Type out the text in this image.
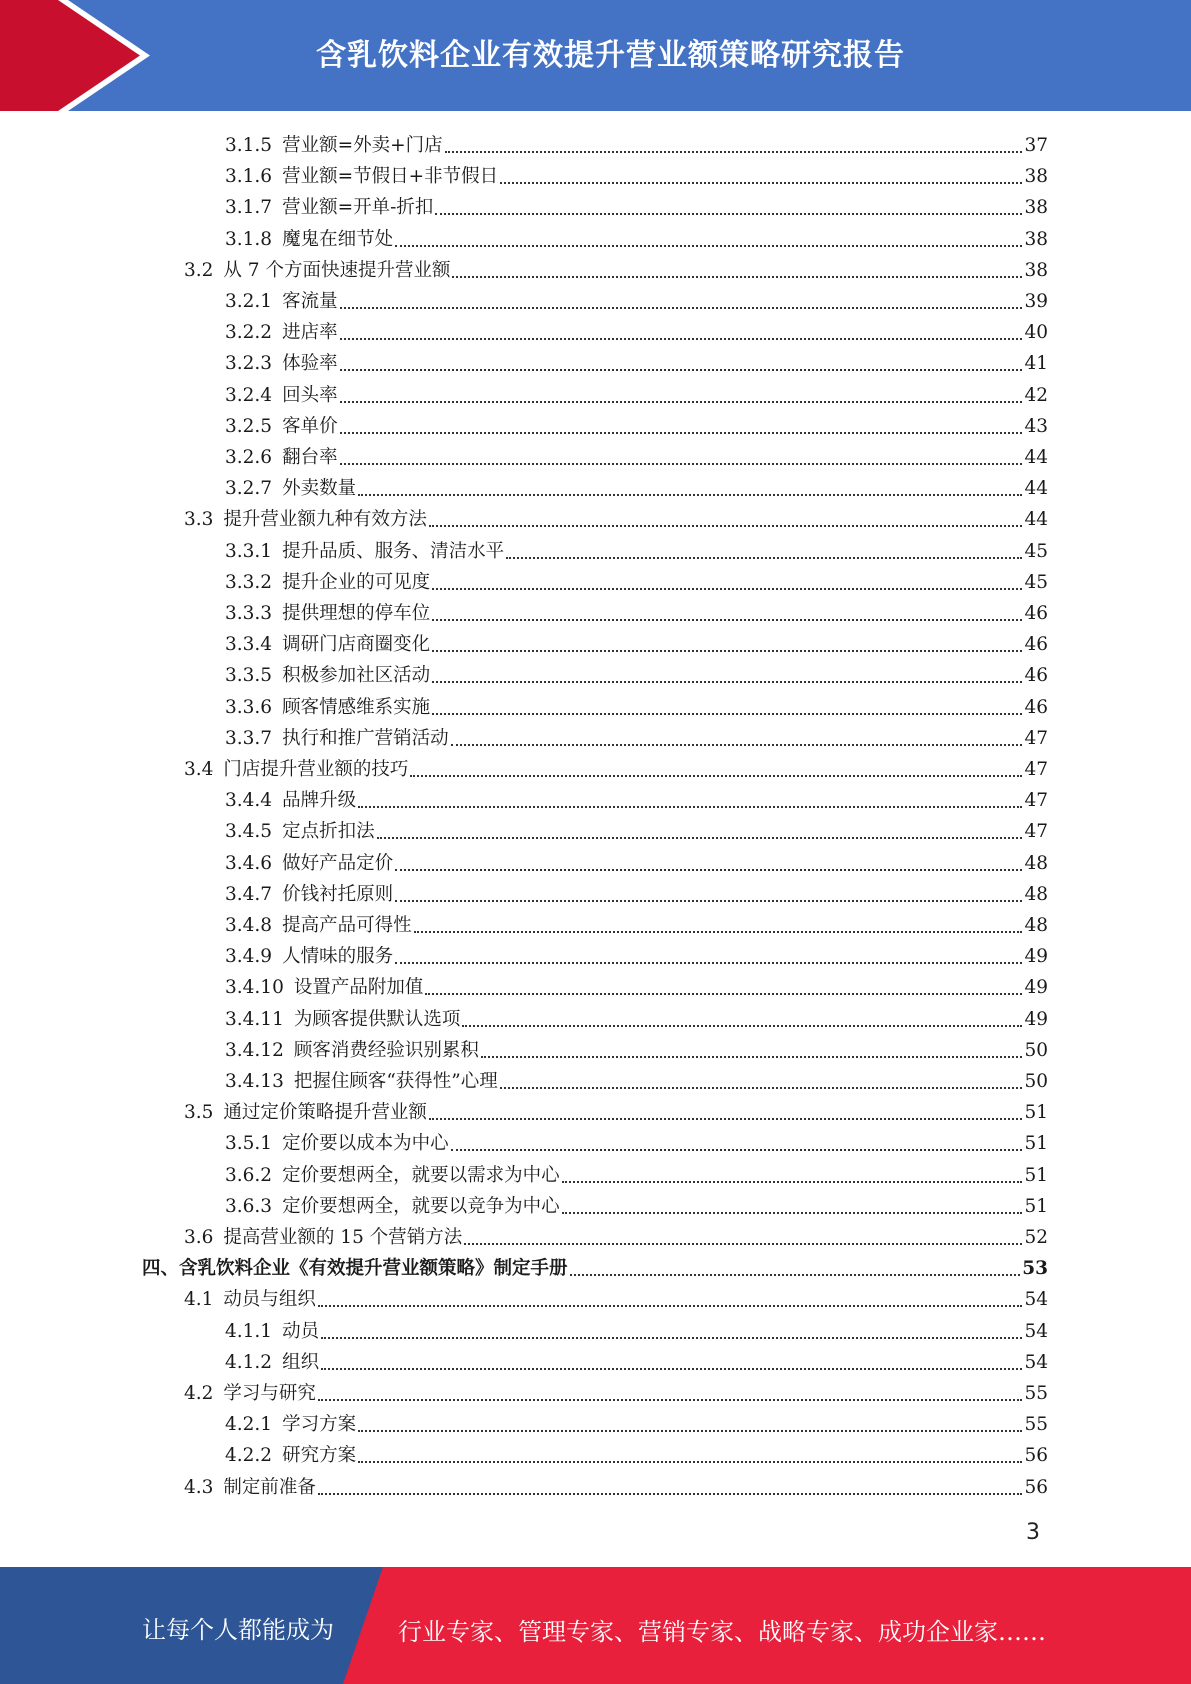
含乳饮料企业有效提升营业额策略研究报告
3.1.5 营业额=外卖+门店	37
3.1.6 营业额=节假日+非节假日	38
3.1.7 营业额=开单-折扣	38
3.1.8 魔鬼在细节处	38
3.2 从 7 个方面快速提升营业额	38
3.2.1 客流量	39
3.2.2 进店率	40
3.2.3 体验率	41
3.2.4 回头率	42
3.2.5 客单价	43
3.2.6 翻台率	44
3.2.7 外卖数量	44
3.3 提升营业额九种有效方法	44
3.3.1 提升品质、服务、清洁水平	45
3.3.2 提升企业的可见度	45
3.3.3 提供理想的停车位	46
3.3.4 调研门店商圈变化	46
3.3.5 积极参加社区活动	46
3.3.6 顾客情感维系实施	46
3.3.7 执行和推广营销活动	47
3.4 门店提升营业额的技巧	47
3.4.4 品牌升级	47
3.4.5 定点折扣法	47
3.4.6 做好产品定价	48
3.4.7 价钱衬托原则	48
3.4.8 提高产品可得性	48
3.4.9 人情味的服务	49
3.4.10 设置产品附加值	49
3.4.11 为顾客提供默认选项	49
3.4.12 顾客消费经验识别累积	50
3.4.13 把握住顾客“获得性”心理	50
3.5 通过定价策略提升营业额	51
3.5.1 定价要以成本为中心	51
3.6.2 定价要想两全，就要以需求为中心	51
3.6.3 定价要想两全，就要以竞争为中心	51
3.6 提高营业额的 15 个营销方法	52
四、含乳饮料企业《有效提升营业额策略》制定手册	53
4.1 动员与组织	54
4.1.1 动员	54
4.1.2 组织	54
4.2 学习与研究	55
4.2.1 学习方案	55
4.2.2 研究方案	56
4.3 制定前准备	56
3
让每个人都能成为	行业专家、管理专家、营销专家、战略专家、成功企业家……
